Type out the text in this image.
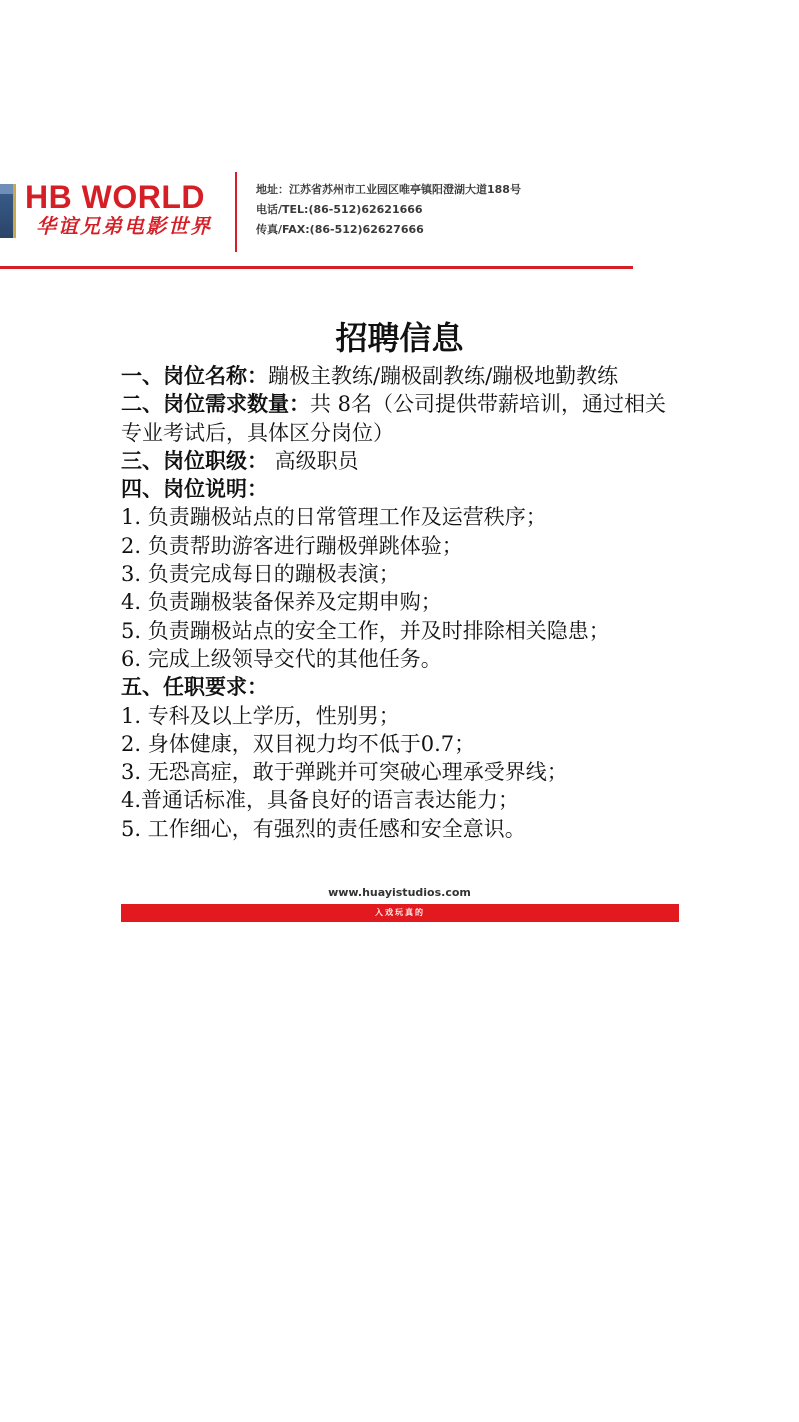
HB WORLD
华谊兄弟电影世界
地址：江苏省苏州市工业园区唯亭镇阳澄湖大道188号
电话/TEL:(86-512)62621666
传真/FAX:(86-512)62627666
招聘信息
一、岗位名称：蹦极主教练/蹦极副教练/蹦极地勤教练
二、岗位需求数量：共 8名（公司提供带薪培训，通过相关专业考试后，具体区分岗位）
三、岗位职级： 高级职员
四、岗位说明：
1. 负责蹦极站点的日常管理工作及运营秩序；
2. 负责帮助游客进行蹦极弹跳体验；
3. 负责完成每日的蹦极表演；
4. 负责蹦极装备保养及定期申购；
5. 负责蹦极站点的安全工作，并及时排除相关隐患；
6. 完成上级领导交代的其他任务。
五、任职要求：
1. 专科及以上学历，性别男；
2. 身体健康，双目视力均不低于0.7；
3. 无恐高症，敢于弹跳并可突破心理承受界线；
4.普通话标准，具备良好的语言表达能力；
5. 工作细心，有强烈的责任感和安全意识。
www.huayistudios.com
入戏玩真的
